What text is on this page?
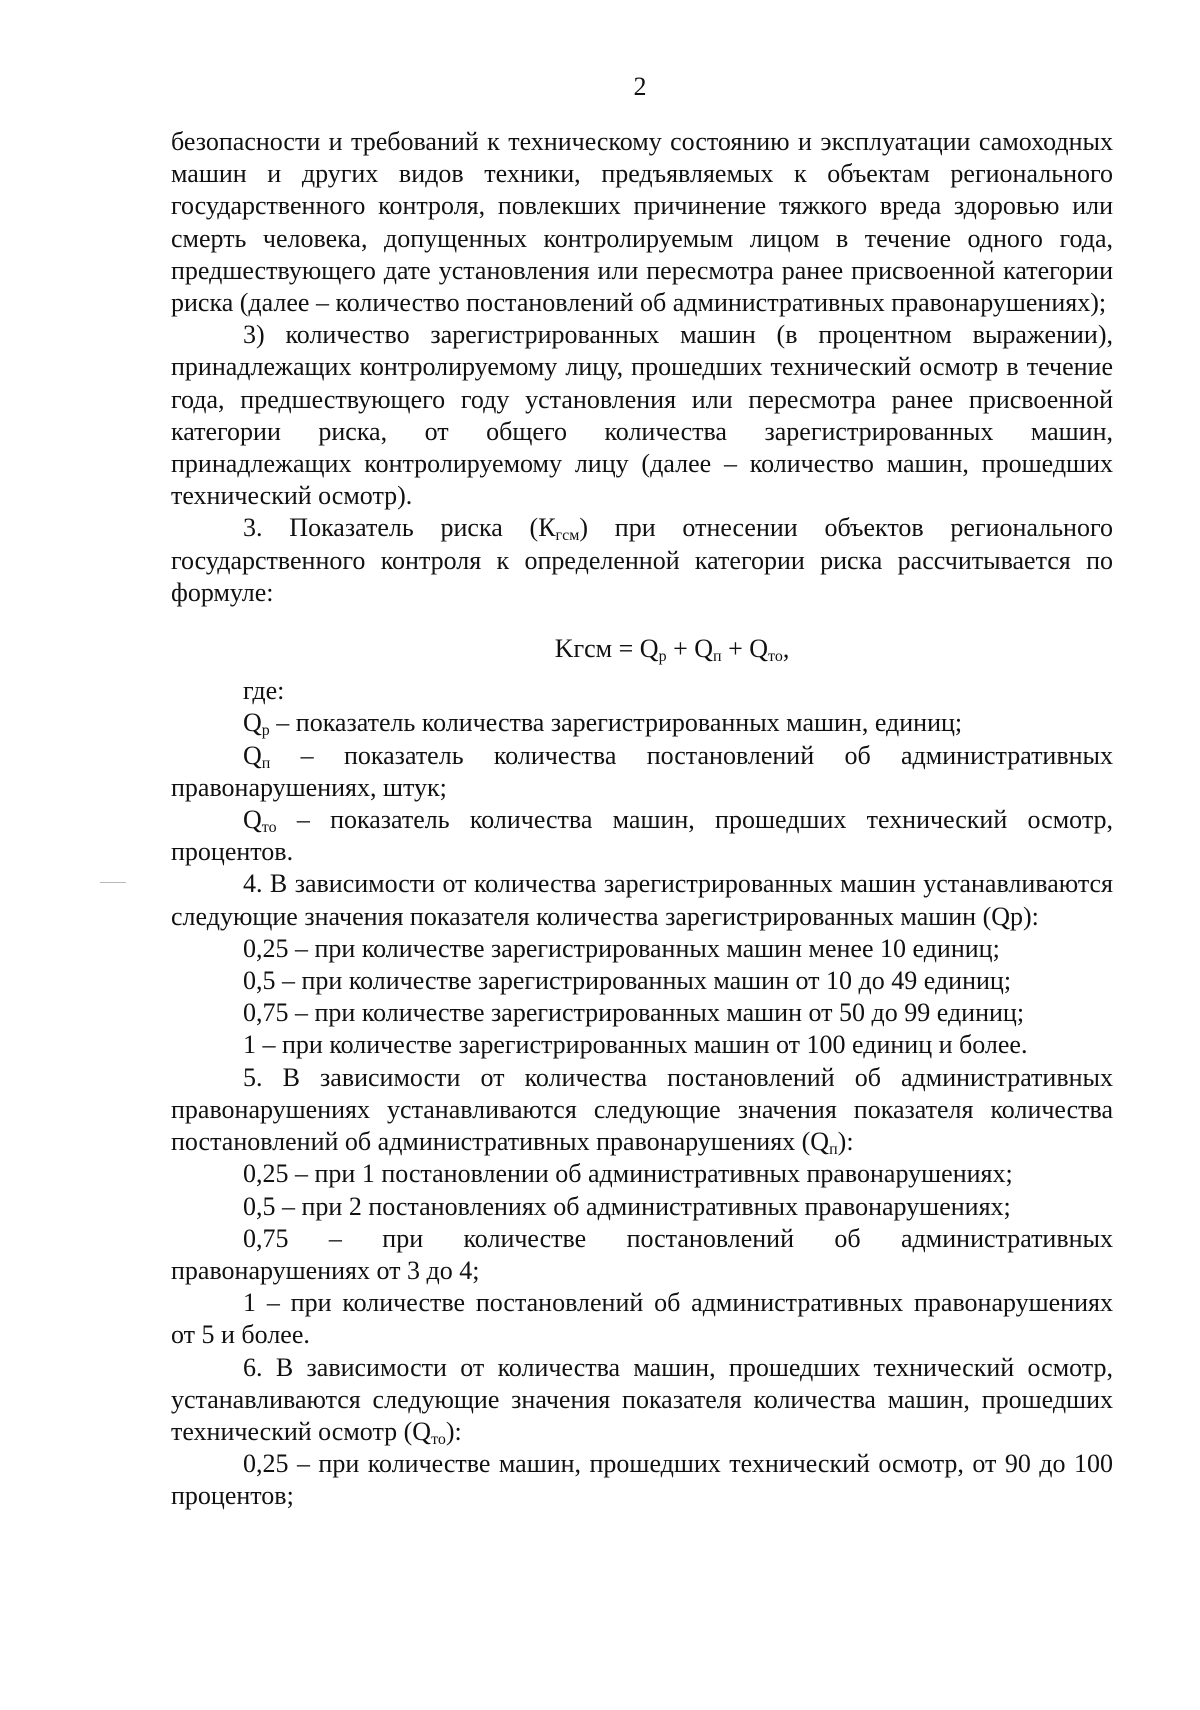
2

безопасности и требований к техническому состоянию и эксплуатации самоходных машин и других видов техники, предъявляемых к объектам регионального государственного контроля, повлекших причинение тяжкого вреда здоровью или смерть человека, допущенных контролируемым лицом в течение одного года, предшествующего дате установления или пересмотра ранее присвоенной категории риска (далее – количество постановлений об административных правонарушениях);

3) количество зарегистрированных машин (в процентном выражении), принадлежащих контролируемому лицу, прошедших технический осмотр в течение года, предшествующего году установления или пересмотра ранее присвоенной категории риска, от общего количества зарегистрированных машин, принадлежащих контролируемому лицу (далее – количество машин, прошедших технический осмотр).

3. Показатель риска $(К_{гсм})$ при отнесении объектов регионального государственного контроля к определенной категории риска рассчитывается по формуле:

Kгсм = $Q_р + Q_п + Q_{то}$,

где:

$Q_р$ – показатель количества зарегистрированных машин, единиц;

$Q_п$ – показатель количества постановлений об административных правонарушениях, штук;

$Q_{то}$ – показатель количества машин, прошедших технический осмотр, процентов.

4. В зависимости от количества зарегистрированных машин устанавливаются следующие значения показателя количества зарегистрированных машин (Qр):

0,25 – при количестве зарегистрированных машин менее 10 единиц;

0,5 – при количестве зарегистрированных машин от 10 до 49 единиц;

0,75 – при количестве зарегистрированных машин от 50 до 99 единиц;

1 – при количестве зарегистрированных машин от 100 единиц и более.

5. В зависимости от количества постановлений об административных правонарушениях устанавливаются следующие значения показателя количества постановлений об административных правонарушениях $(Q_п)$:

0,25 – при 1 постановлении об административных правонарушениях;

0,5 – при 2 постановлениях об административных правонарушениях;

0,75 – при количестве постановлений об административных правонарушениях от 3 до 4;

1 – при количестве постановлений об административных правонарушениях от 5 и более.

6. В зависимости от количества машин, прошедших технический осмотр, устанавливаются следующие значения показателя количества машин, прошедших технический осмотр $(Q_{то})$:

0,25 – при количестве машин, прошедших технический осмотр, от 90 до 100 процентов;
